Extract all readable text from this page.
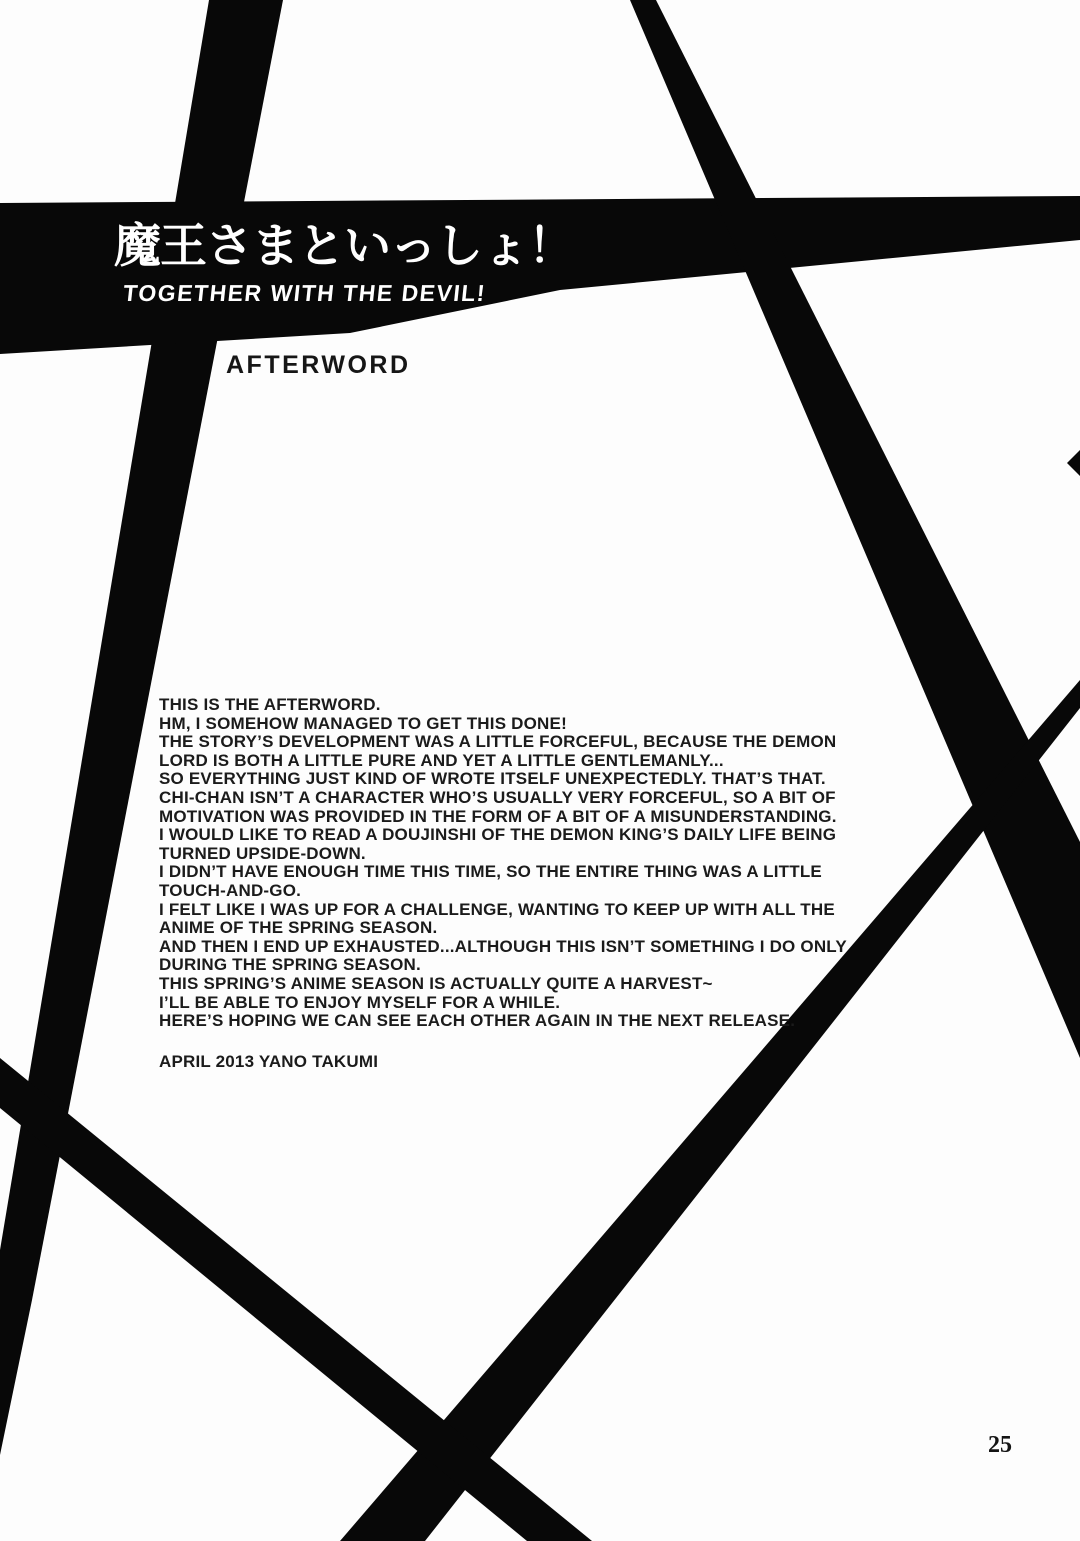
魔王さまといっしょ！
TOGETHER WITH THE DEVIL!
AFTERWORD
THIS IS THE AFTERWORD.
HM, I SOMEHOW MANAGED TO GET THIS DONE!
THE STORY’S DEVELOPMENT WAS A LITTLE FORCEFUL, BECAUSE THE DEMON
LORD IS BOTH A LITTLE PURE AND YET A LITTLE GENTLEMANLY...
SO EVERYTHING JUST KIND OF WROTE ITSELF UNEXPECTEDLY. THAT’S THAT.
CHI-CHAN ISN’T A CHARACTER WHO’S USUALLY VERY FORCEFUL, SO A BIT OF
MOTIVATION WAS PROVIDED IN THE FORM OF A BIT OF A MISUNDERSTANDING.
I WOULD LIKE TO READ A DOUJINSHI OF THE DEMON KING’S DAILY LIFE BEING
TURNED UPSIDE-DOWN.
I DIDN’T HAVE ENOUGH TIME THIS TIME, SO THE ENTIRE THING WAS A LITTLE
TOUCH-AND-GO.
I FELT LIKE I WAS UP FOR A CHALLENGE, WANTING TO KEEP UP WITH ALL THE
ANIME OF THE SPRING SEASON.
AND THEN I END UP EXHAUSTED...ALTHOUGH THIS ISN’T SOMETHING I DO ONLY
DURING THE SPRING SEASON.
THIS SPRING’S ANIME SEASON IS ACTUALLY QUITE A HARVEST~
I’LL BE ABLE TO ENJOY MYSELF FOR A WHILE.
HERE’S HOPING WE CAN SEE EACH OTHER AGAIN IN THE NEXT RELEASE.
APRIL 2013 YANO TAKUMI
25
